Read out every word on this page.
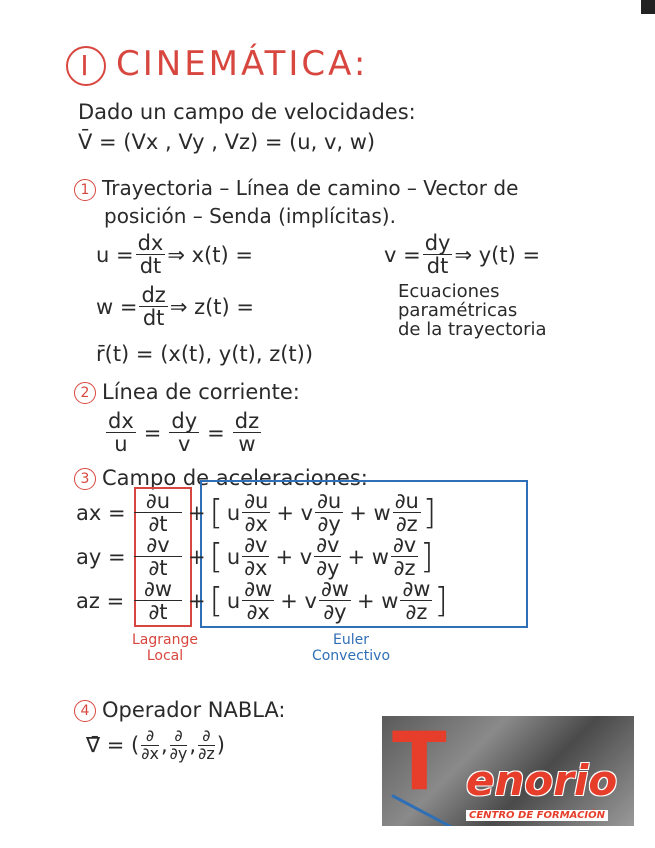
I CINEMÁTICA:
Dado un campo de velocidades:
V̄ = (Vx , Vy , Vz) = (u, v, w)
1 Trayectoria – Línea de camino – Vector de
posición – Senda (implícitas).
$u = \frac{dx}{dt}$ ⇒ x(t) =	$v = \frac{dy}{dt}$ ⇒ y(t) =
$w = \frac{dz}{dt}$ ⇒ z(t) =
Ecuaciones
paramétricas
de la trayectoria
r̄(t) = (x(t), y(t), z(t))
2 Línea de corriente:
$\frac{dx}{u} = \frac{dy}{v} = \frac{dz}{w}$
3 Campo de aceleraciones:
ax = $\frac{\partial u}{\partial t}$ + [ u $\frac{\partial u}{\partial x} + v \frac{\partial u}{\partial y} + w \frac{\partial u}{\partial z}$ ]
ay = $\frac{\partial v}{\partial t}$ + [ u $\frac{\partial v}{\partial x} + v \frac{\partial v}{\partial y} + w \frac{\partial v}{\partial z}$ ]
az = $\frac{\partial w}{\partial t}$ + [ u $\frac{\partial w}{\partial x} + v \frac{\partial w}{\partial y} + w \frac{\partial w}{\partial z}$ ]
Lagrange
Local
Euler
Convectivo
4 Operador NABLA:
∇̄ = ( $\frac{\partial}{\partial x}$ , $\frac{\partial}{\partial y}$ , $\frac{\partial}{\partial z}$ ) T enorio
CENTRO DE FORMACIÓN
